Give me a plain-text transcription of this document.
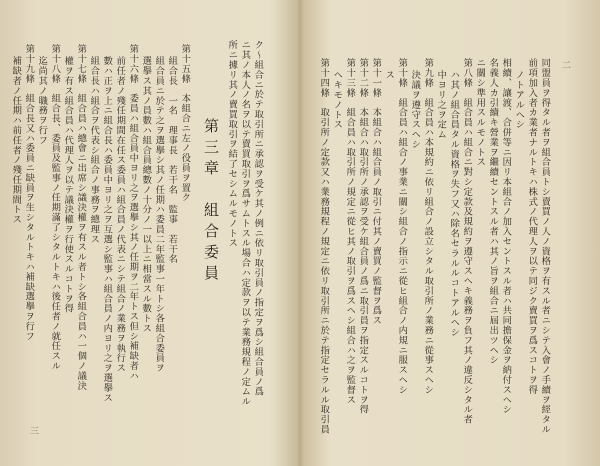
三
ク〜組合ニ於テ取引所ニ承認ヲ受ケ其ノ例ニ依リ取引員ノ指定ヲ爲シ組合員ノ爲
ニ其ノ本人ノ名ヲ以テ賣買取引ヲ爲サムトスル場合ハ定款ヲ以テ業務規程ノ定ムル
所ニ據リ其ノ賣買取引ヲ結了セシムルモノトス
第三章　組合委員
第十五條　本組合ニ左ノ役員ヲ置ク
組合長　一名　理事長　若干名　監事　若干名
組合員ニ於テ之ヲ選擧シ其ノ任期ハ委員二年監事一年トシ各組合委員ヲ
選擧ス其ノ員數ハ組合員總數ノ十分ノ一以上ニ相當スル數トス
第十六條　委員ハ組合員中ヨリ之ヲ選擧シ其ノ任期ヲ二年トス但シ補缺者ハ
前任者ノ殘任期間在任ス委員ハ組合員ノ代表ニシテ組合ノ業務ヲ執行ス
數ハ正ヲ上ニ組合長ハ委員中ヨリ之ヲ互選シ監事ハ組合員ノ内ヨリ之ヲ選擧ス
組合長ハ組合ヲ代表シ組合ノ事務ヲ總理ス
第十七條　組合員ハ總會ニ出席シ議決權ヲ有スル者トシ各組合員ハ一個ノ議決
權ヲ有ス組合員ハ代理人ヲ以テ議決權ヲ行使スルコトヲ得
第十八條　組合長、委員及監事ノ任期滿了シタルトキハ後任者ノ就任スル
迄尚其ノ職務ヲ行フ
第十九條　組合長又ハ委員ニ缺員ヲ生シタルトキハ補缺選擧ヲ行フ
補缺者ノ任期ハ前任者ノ殘任期間トス	二
同盟員ヲ得タル者ヲ組合員トシ賣買ノ人ノ資格ヲ有スル者ニシテ入會ノ手續ヲ經タル
前項加入者カ業者ナルトキハ株式ノ代理人ヲ以テ同ジク賣買ヲ爲スコトヲ得
ノトアルヘシ
相續、讓渡、合併等ニ因リ本組合ノ加入セントスル者ハ共同擔保金ヲ納付スヘシ
名義人カ引續キ營業ヲ繼續セントスル者ハ其ノ旨ヲ組合ニ屆出ツヘシ
ニ關シ準用スルモノトス
第八條　組合員ハ組合ニ對シ定款及規約ヲ遵守スヘキ義務ヲ負フ其ノ違反シタル者
ハ其ノ組合員タル資格ヲ失フ又ハ除名セラルルコトアルヘシ
中ヨリ之ヲ定ム
第九條　組合員ハ本規約ニ依リ組合ノ設立シタル取引所ノ業務ニ從事スヘシ
決議ヲ遵守スヘシ
第十條　組合員ハ組合ノ事業ニ關シ組合ノ指示ニ從ヒ組合ノ内規ニ服スヘシ
ス
第十一條　本組合ハ組合員ノ取引ニ付其ノ賣買ノ監督ヲ爲ス
第十二條　本組合ハ取引所ノ承認ヲ受ケ組合員ノ爲ニ取引員ヲ指定スルコトヲ得
第十三條　組合員ハ取引所ノ規定ニ從ヒ其ノ取引ヲ爲スヘシ組合ハ之ヲ監督ス
ヘキモノトス
第十四條　取引所ノ定款又ハ業務規程ノ規定ニ依リ取引所ニ於テ指定セラルル取引員
